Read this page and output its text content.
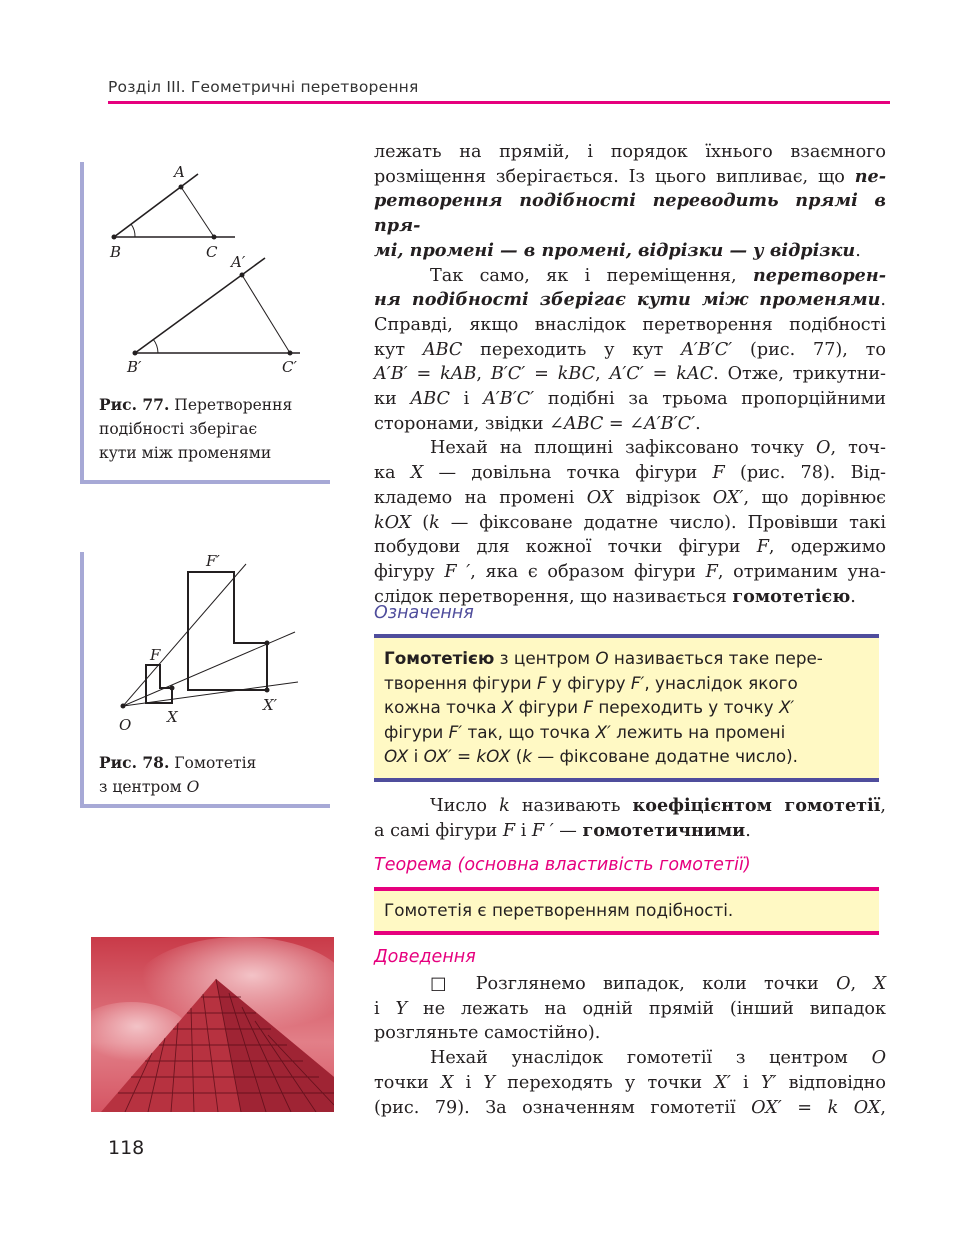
Розділ ІІІ. Геометричні перетворення
A
B	C
A′
B′	C′
Рис. 77. Перетворення
подібності зберігає
кути між променями
F′
F
O X
X′
Рис. 78. Гомотетія
з центром O

лежать на прямій, і порядок їхнього взаємного

розміщення зберігається. Із цього випливає, що пе-

ретворення подібності переводить прямі в пря-

мі, промені — в промені, відрізки — у відрізки.

Так само, як і переміщення, перетворен-

ня подібності зберігає кути між променями.

Справді, якщо внаслідок перетворення подібності

кут ABC переходить у кут A′B′C′ (рис. 77), то

A′B′ = kAB, B′C′ = kBC, A′C′ = kAC. Отже, трикутни-

ки ABC і A′B′C′ подібні за трьома пропорційними

сторонами, звідки ∠ABC = ∠A′B′C′.

Нехай на площині зафіксовано точку O, точ-

ка X — довільна точка фігури F (рис. 78). Від-

кладемо на промені OX відрізок OX′, що дорівнює

kOX (k — фіксоване додатне число). Провівши такі

побудови для кожної точки фігури F, одержимо

фігуру F ′, яка є образом фігури F, отриманим уна-

слідок перетворення, що називається гомотетією.

Означення
Гомотетією з центром O називається таке пере-
творення фігури F у фігуру F′, унаслідок якого
кожна точка X фігури F переходить у точку X′
фігури F′ так, що точка X′ лежить на промені
OX і OX′ = kOX (k — фіксоване додатне число).

Число k називають коефіцієнтом гомотетії,

а самі фігури F і F ′ — гомотетичними.

Теорема (основна властивість гомотетії)
Гомотетія є перетворенням подібності.
Доведення

□ Розглянемо випадок, коли точки O, X

і Y не лежать на одній прямій (інший випадок

розгляньте самостійно).

Нехай унаслідок гомотетії з центром O

точки X і Y переходять у точки X′ і Y′ відповідно

(рис. 79). За означенням гомотетії OX′ = k OX,

118
